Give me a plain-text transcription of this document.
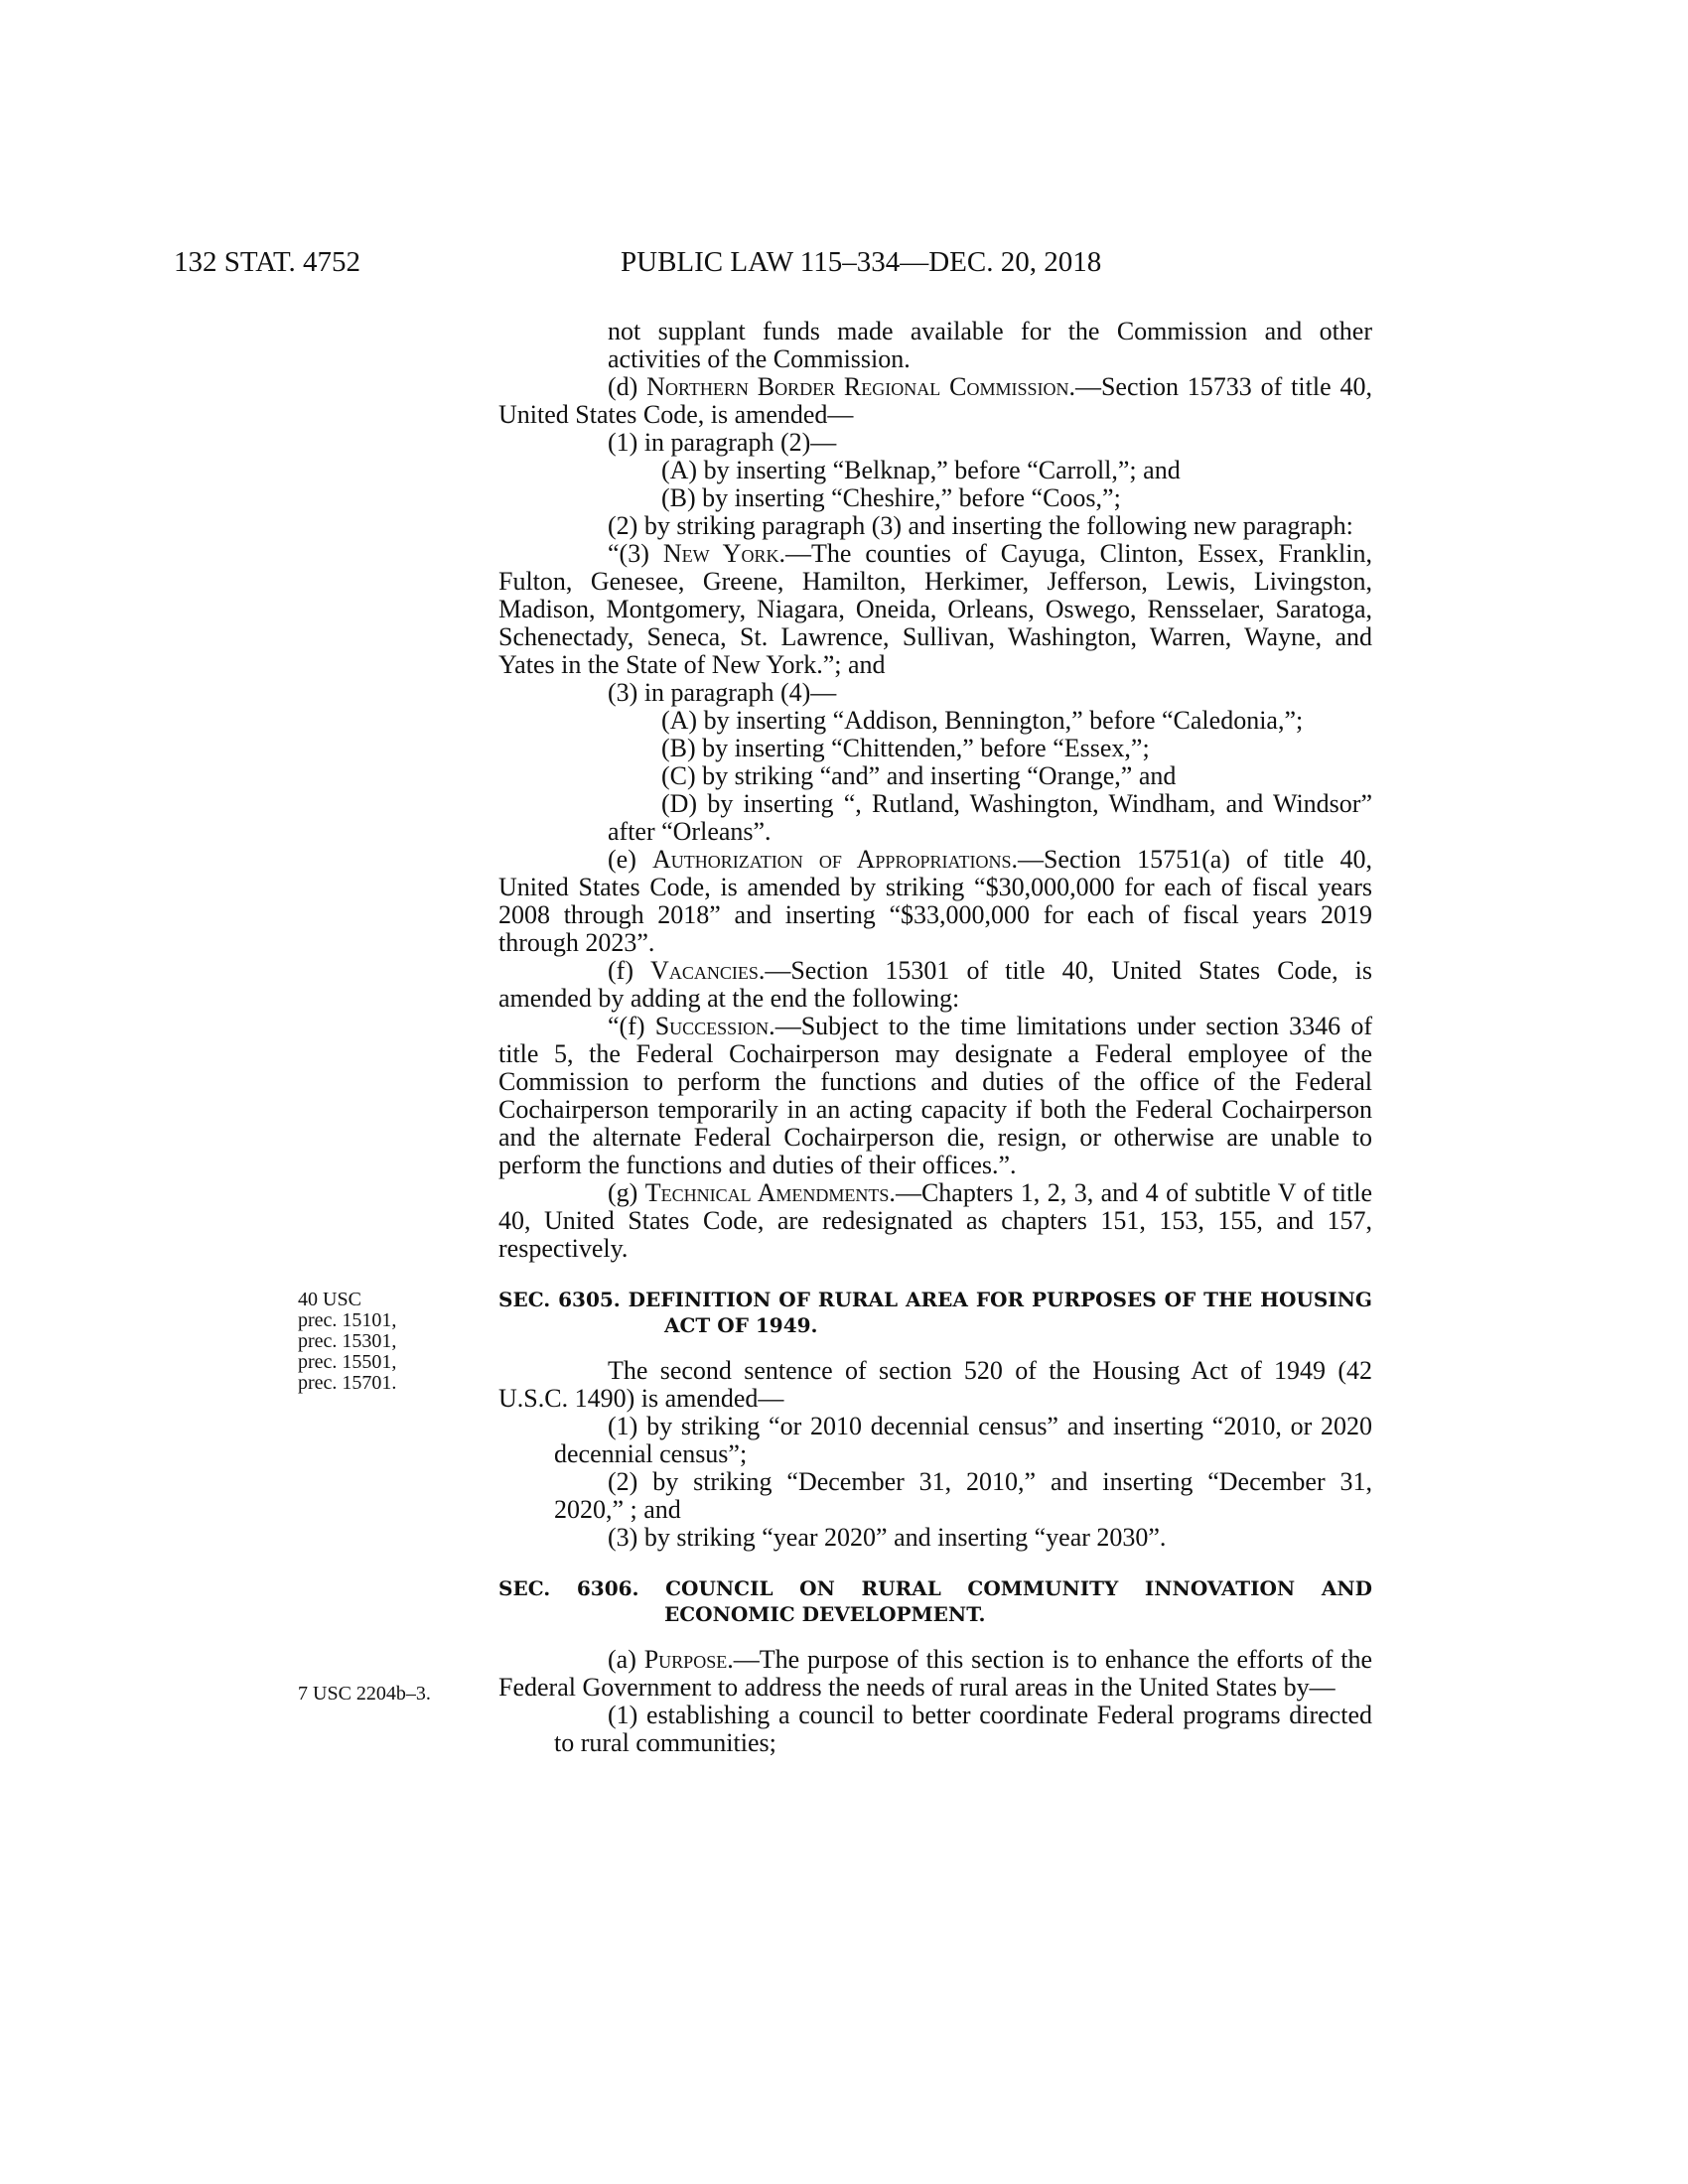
132 STAT. 4752	PUBLIC LAW 115–334—DEC. 20, 2018
40 USC
prec. 15101,
prec. 15301,
prec. 15501,
prec. 15701.
7 USC 2204b–3.

not supplant funds made available for the Commission and other activities of the Commission.

(d) Northern Border Regional Commission.—Section 15733 of title 40, United States Code, is amended—

(1) in paragraph (2)—

(A) by inserting “Belknap,” before “Carroll,”; and

(B) by inserting “Cheshire,” before “Coos,”;

(2) by striking paragraph (3) and inserting the following new paragraph:

“(3) New York.—The counties of Cayuga, Clinton, Essex, Franklin, Fulton, Genesee, Greene, Hamilton, Herkimer, Jefferson, Lewis, Livingston, Madison, Montgomery, Niagara, Oneida, Orleans, Oswego, Rensselaer, Saratoga, Schenectady, Seneca, St. Lawrence, Sullivan, Washington, Warren, Wayne, and Yates in the State of New York.”; and

(3) in paragraph (4)—

(A) by inserting “Addison, Bennington,” before “Caledonia,”;

(B) by inserting “Chittenden,” before “Essex,”;

(C) by striking “and” and inserting “Orange,” and

(D) by inserting “, Rutland, Washington, Windham, and Windsor” after “Orleans”.

(e) Authorization of Appropriations.—Section 15751(a) of title 40, United States Code, is amended by striking “$30,000,000 for each of fiscal years 2008 through 2018” and inserting “$33,000,000 for each of fiscal years 2019 through 2023”.

(f) Vacancies.—Section 15301 of title 40, United States Code, is amended by adding at the end the following:

“(f) Succession.—Subject to the time limitations under section 3346 of title 5, the Federal Cochairperson may designate a Federal employee of the Commission to perform the functions and duties of the office of the Federal Cochairperson temporarily in an acting capacity if both the Federal Cochairperson and the alternate Federal Cochairperson die, resign, or otherwise are unable to perform the functions and duties of their offices.”.

(g) Technical Amendments.—Chapters 1, 2, 3, and 4 of subtitle V of title 40, United States Code, are redesignated as chapters 151, 153, 155, and 157, respectively.

SEC. 6305. DEFINITION OF RURAL AREA FOR PURPOSES OF THE HOUSING ACT OF 1949.

The second sentence of section 520 of the Housing Act of 1949 (42 U.S.C. 1490) is amended—

(1) by striking “or 2010 decennial census” and inserting “2010, or 2020 decennial census”;

(2) by striking “December 31, 2010,” and inserting “December 31, 2020,” ; and

(3) by striking “year 2020” and inserting “year 2030”.

SEC. 6306. COUNCIL ON RURAL COMMUNITY INNOVATION AND ECONOMIC DEVELOPMENT.

(a) Purpose.—The purpose of this section is to enhance the efforts of the Federal Government to address the needs of rural areas in the United States by—

(1) establishing a council to better coordinate Federal programs directed to rural communities;
